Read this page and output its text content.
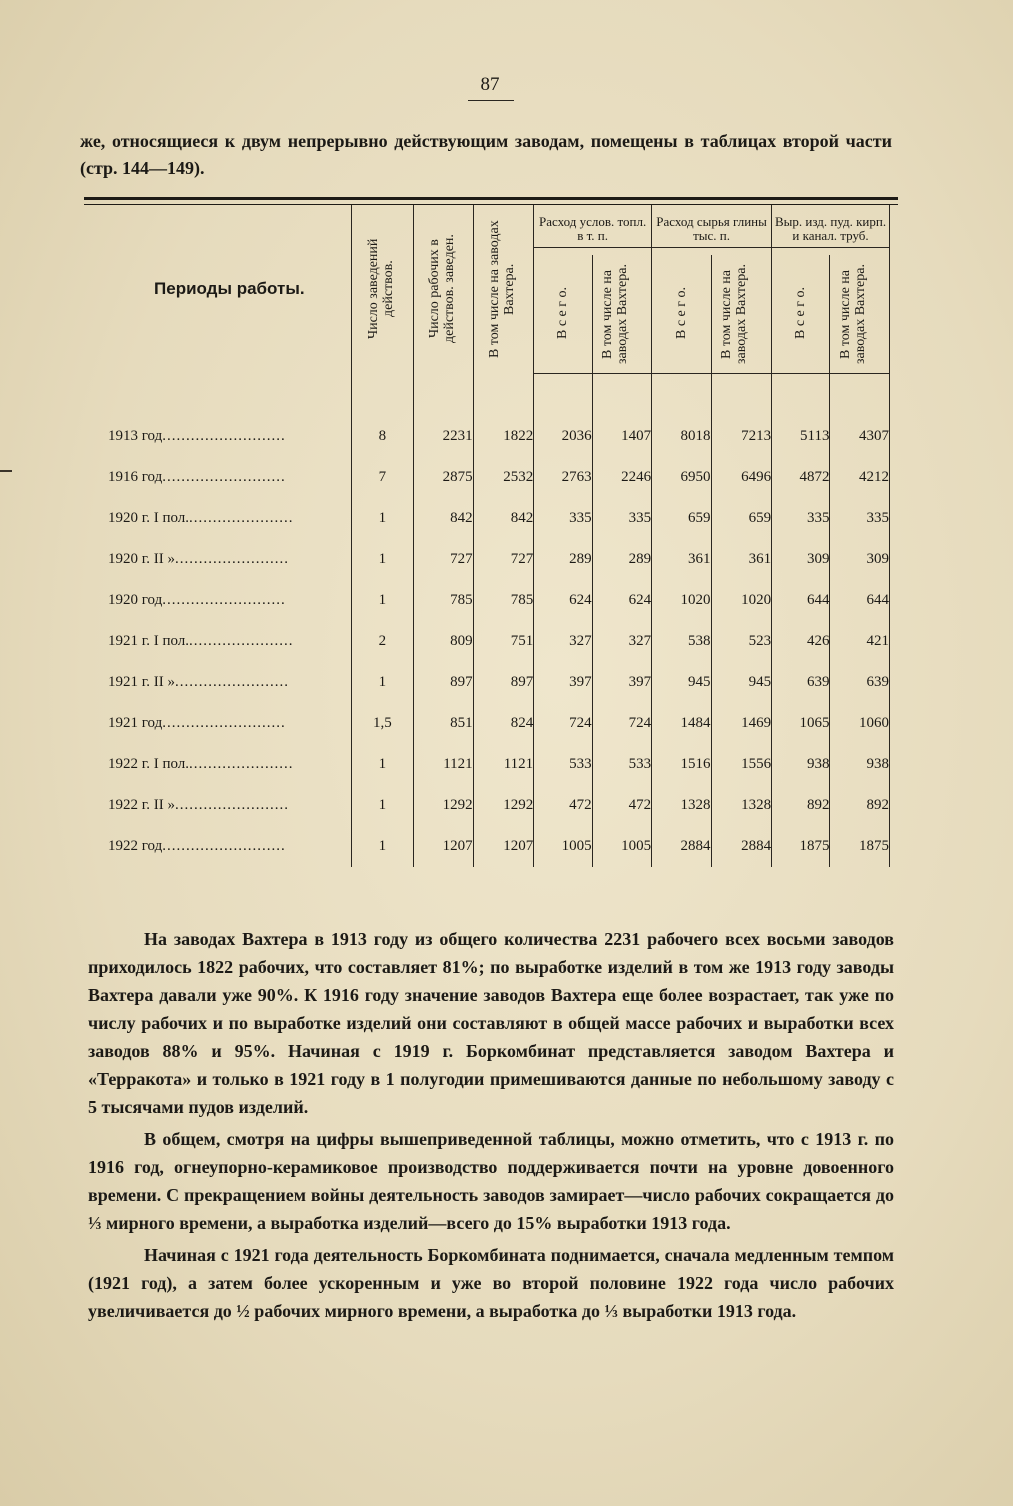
87
же, относящиеся к двум непрерывно действующим заводам, помещены в таблицах второй части (стр. 144—149).
Периоды работы.	Число заведений действов.	Число рабочих в действов. заведен.	В том числе на заводах Вахтера.	Расход услов. топл. в т. п.		Расход сырья глины тыс. п.		Выр. изд. пуд. кирп. и канал. труб.	

				В с е г о.	В том числе на заводах Вахтера.	В с е г о.	В том числе на заводах Вахтера.	В с е г о.	В том числе на заводах Вахтера.

1913 год..........................	8	2231	1822	2036	1407	8018	7213	5113	4307
1916 год..........................	7	2875	2532	2763	2246	6950	6496	4872	4212
1920 г. I пол.......................	1	842	842	335	335	659	659	335	335
1920 г. II »........................	1	727	727	289	289	361	361	309	309
1920 год..........................	1	785	785	624	624	1020	1020	644	644
1921 г. I пол.......................	2	809	751	327	327	538	523	426	421
1921 г. II »........................	1	897	897	397	397	945	945	639	639
1921 год..........................	1,5	851	824	724	724	1484	1469	1065	1060
1922 г. I пол.......................	1	1121	1121	533	533	1516	1556	938	938
1922 г. II »........................	1	1292	1292	472	472	1328	1328	892	892
1922 год..........................	1	1207	1207	1005	1005	2884	2884	1875	1875

На заводах Вахтера в 1913 году из общего количества 2231 рабочего всех восьми заводов приходилось 1822 рабочих, что составляет 81%; по выработке изделий в том же 1913 году заводы Вахтера давали уже 90%. К 1916 году значение заводов Вахтера еще более возрастает, так уже по числу рабочих и по выработке изделий они составляют в общей массе рабочих и выработки всех заводов 88% и 95%. Начиная с 1919 г. Боркомбинат представляется заводом Вахтера и «Терракота» и только в 1921 году в 1 полугодии примешиваются данные по небольшому заводу с 5 тысячами пудов изделий.

В общем, смотря на цифры вышеприведенной таблицы, можно отметить, что с 1913 г. по 1916 год, огнеупорно-керамиковое производство поддерживается почти на уровне довоенного времени. С прекращением войны деятельность заводов замирает—число рабочих сокращается до ⅓ мирного времени, а выработка изделий—всего до 15% выработки 1913 года.

Начиная с 1921 года деятельность Боркомбината поднимается, сначала медленным темпом (1921 год), а затем более ускоренным и уже во второй половине 1922 года число рабочих увеличивается до ½ рабочих мирного времени, а выработка до ⅓ выработки 1913 года.
